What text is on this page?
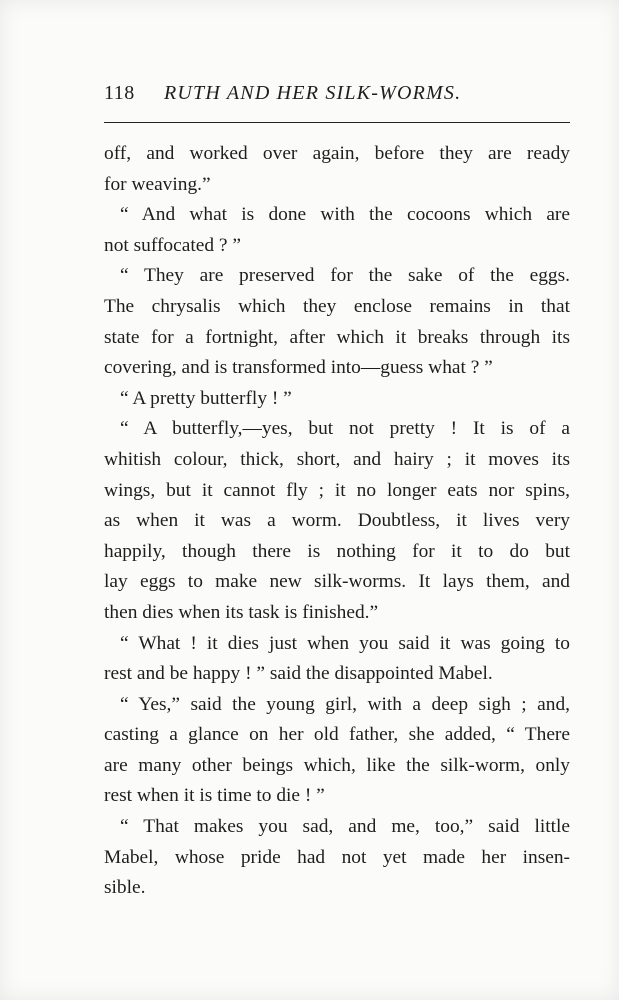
118 RUTH AND HER SILK-WORMS.
off, and worked over again, before they are ready
for weaving.”
“ And what is done with the cocoons which are
not suffocated ? ”
“ They are preserved for the sake of the eggs.
The chrysalis which they enclose remains in that
state for a fortnight, after which it breaks through its
covering, and is transformed into—guess what ? ”
“ A pretty butterfly ! ”
“ A butterfly,—yes, but not pretty ! It is of a
whitish colour, thick, short, and hairy ; it moves its
wings, but it cannot fly ; it no longer eats nor spins,
as when it was a worm. Doubtless, it lives very
happily, though there is nothing for it to do but
lay eggs to make new silk-worms. It lays them, and
then dies when its task is finished.”
“ What ! it dies just when you said it was going to
rest and be happy ! ” said the disappointed Mabel.
“ Yes,” said the young girl, with a deep sigh ; and,
casting a glance on her old father, she added, “ There
are many other beings which, like the silk-worm, only
rest when it is time to die ! ”
“ That makes you sad, and me, too,” said little
Mabel, whose pride had not yet made her insen-
sible.
